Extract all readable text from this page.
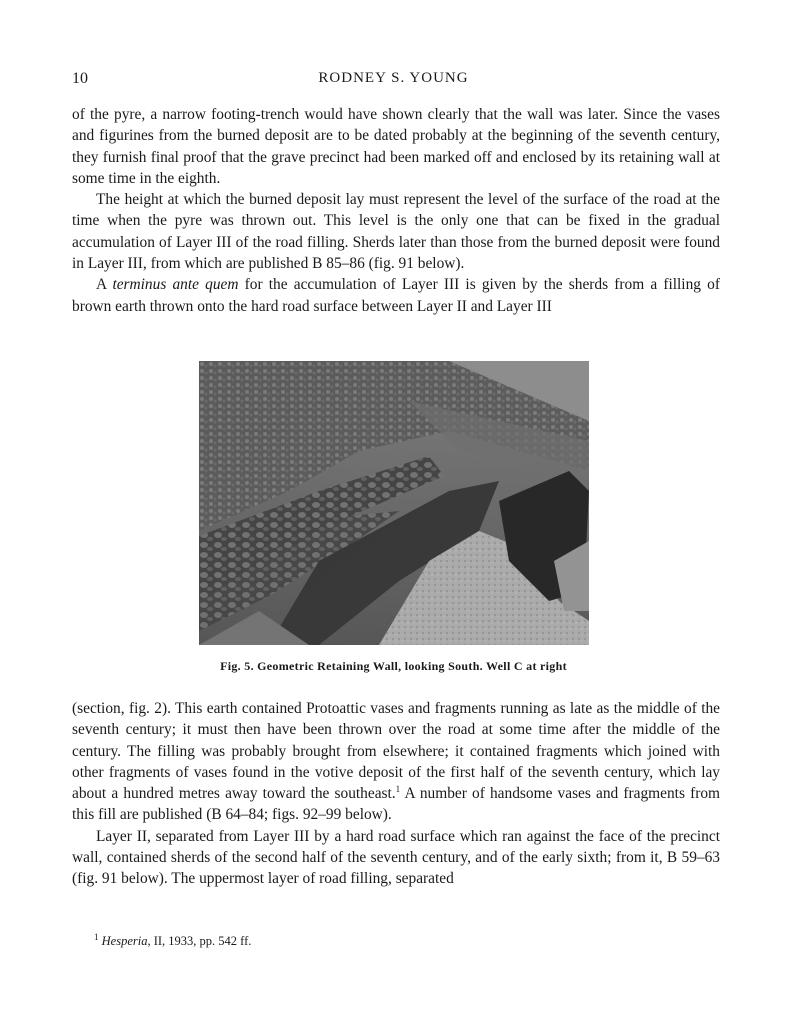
10	RODNEY S. YOUNG

of the pyre, a narrow footing-trench would have shown clearly that the wall was later. Since the vases and figurines from the burned deposit are to be dated probably at the beginning of the seventh century, they furnish final proof that the grave precinct had been marked off and enclosed by its retaining wall at some time in the eighth.

The height at which the burned deposit lay must represent the level of the surface of the road at the time when the pyre was thrown out. This level is the only one that can be fixed in the gradual accumulation of Layer III of the road filling. Sherds later than those from the burned deposit were found in Layer III, from which are published B 85–86 (fig. 91 below).

A terminus ante quem for the accumulation of Layer III is given by the sherds from a filling of brown earth thrown onto the hard road surface between Layer II and Layer III

Fig. 5. Geometric Retaining Wall, looking South. Well C at right

(section, fig. 2). This earth contained Protoattic vases and fragments running as late as the middle of the seventh century; it must then have been thrown over the road at some time after the middle of the century. The filling was probably brought from elsewhere; it contained fragments which joined with other fragments of vases found in the votive deposit of the first half of the seventh century, which lay about a hundred metres away toward the southeast.$^1$ A number of handsome vases and fragments from this fill are published (B 64–84; figs. 92–99 below).

Layer II, separated from Layer III by a hard road surface which ran against the face of the precinct wall, contained sherds of the second half of the seventh century, and of the early sixth; from it, B 59–63 (fig. 91 below). The uppermost layer of road filling, separated

$^1$ Hesperia, II, 1933, pp. 542 ff.
